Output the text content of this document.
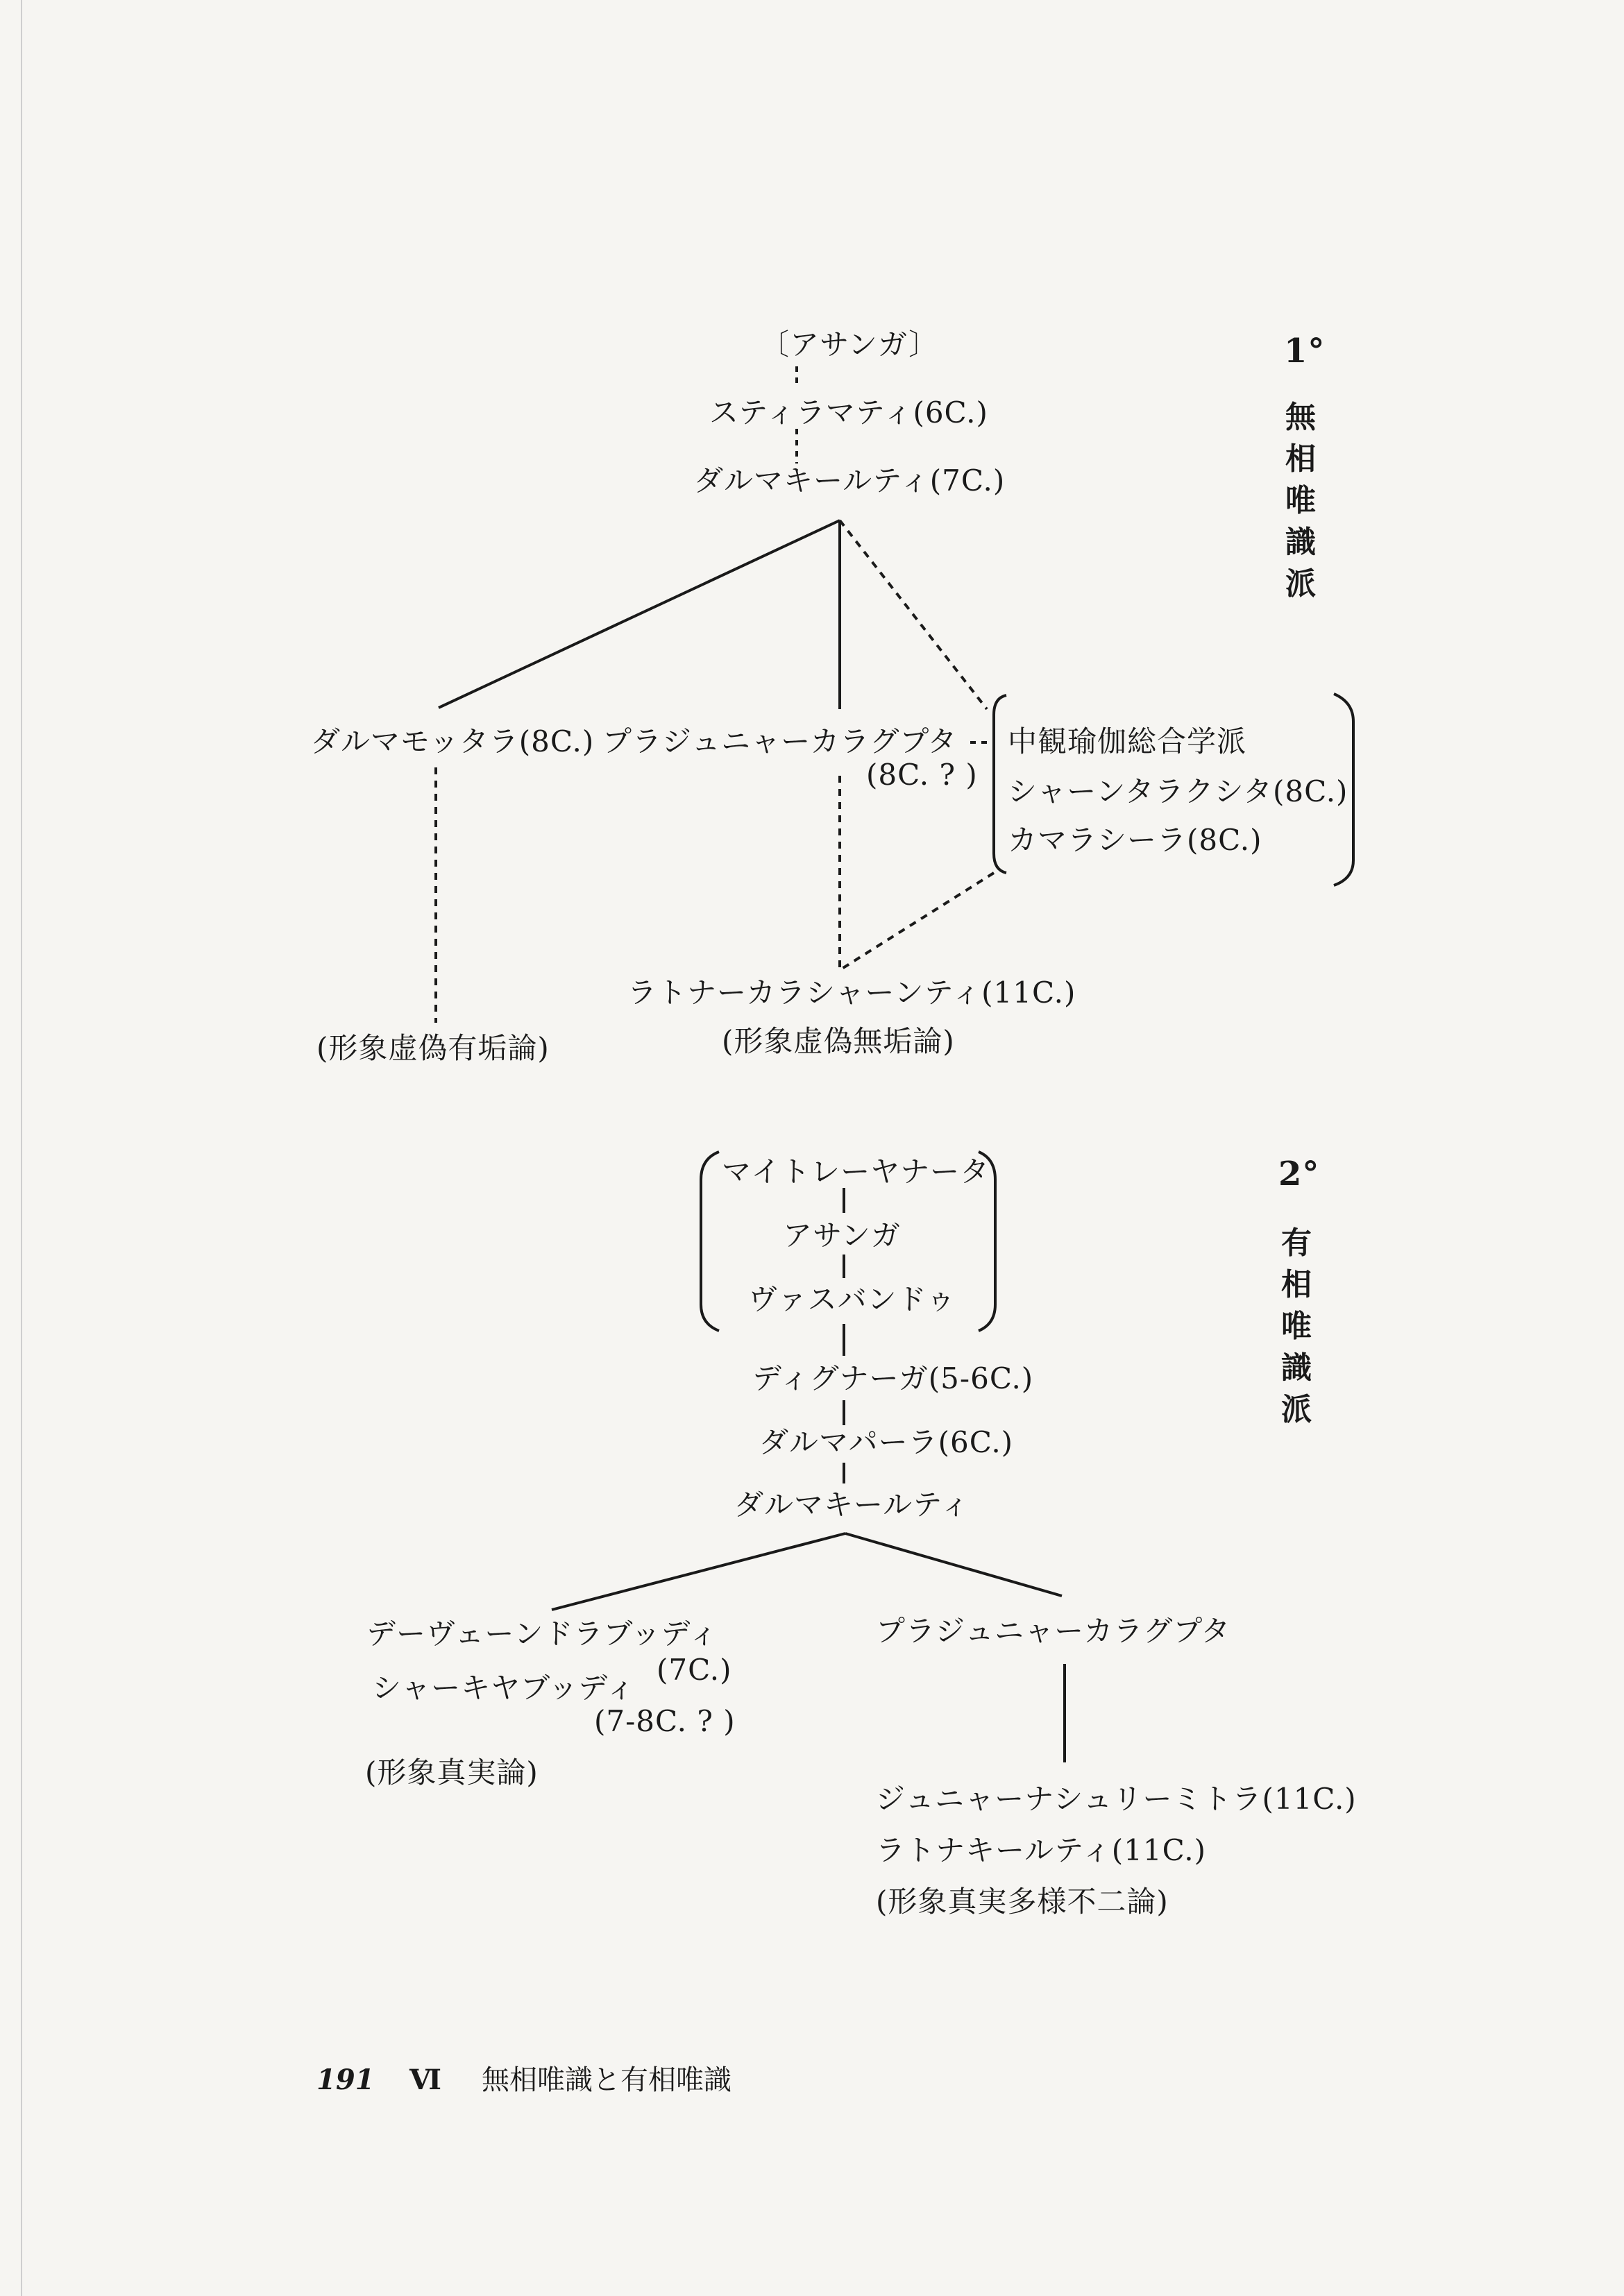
〔アサンガ〕
スティラマティ(6C.)
ダルマキールティ(7C.)
ダルマモッタラ(8C.) プラジュニャーカラグプタ
(8C. ? )
中観瑜伽総合学派
シャーンタラクシタ(8C.)
カマラシーラ(8C.)
ラトナーカラシャーンティ(11C.)
(形象虚偽無垢論)
(形象虚偽有垢論)
1°
無
相
唯
識
派
マイトレーヤナータ
アサンガ
ヴァスバンドゥ
ディグナーガ(5-6C.)
ダルマパーラ(6C.)
ダルマキールティ
デーヴェーンドラブッディ
(7C.)
シャーキヤブッディ
(7-8C. ? )
(形象真実論)
プラジュニャーカラグプタ
ジュニャーナシュリーミトラ(11C.)
ラトナキールティ(11C.)
(形象真実多様不二論)
2°
有
相
唯
識
派
191 Ⅵ 無相唯識と有相唯識
